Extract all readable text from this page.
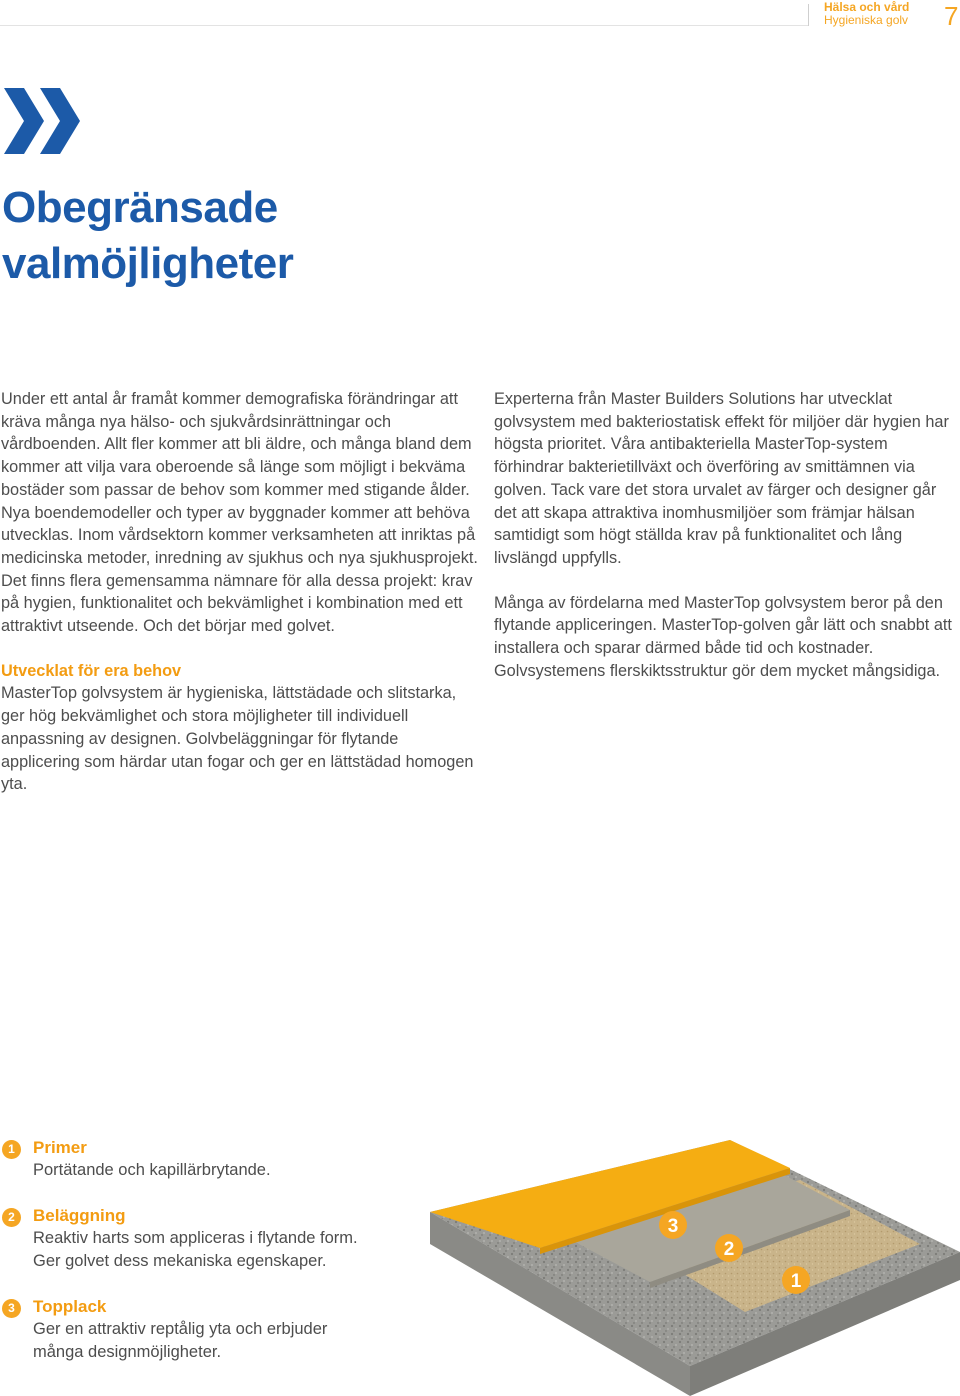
Hälsa och vård
Hygieniska golv 7
Obegränsade
valmöjligheter

Under ett antal år framåt kommer demografiska förändringar att kräva många nya hälso- och sjukvårdsinrättningar och vårdboenden. Allt fler kommer att bli äldre, och många bland dem kommer att vilja vara oberoende så länge som möjligt i bekväma bostäder som passar de behov som kommer med stigande ålder. Nya boendemodeller och typer av byggnader kommer att behöva utvecklas. Inom vårdsektorn kommer verksamheten att inriktas på medicinska metoder, inredning av sjukhus och nya sjukhusprojekt. Det finns flera gemensamma nämnare för alla dessa projekt: krav på hygien, funktionalitet och bekvämlighet i kombination med ett attraktivt utseende. Och det börjar med golvet.

Utvecklat för era behov

MasterTop golvsystem är hygieniska, lättstädade och slitstarka, ger hög bekvämlighet och stora möjligheter till individuell anpassning av designen. Golvbeläggningar för flytande applicering som härdar utan fogar och ger en lättstädad homogen yta.

Experterna från Master Builders Solutions har utvecklat golvsystem med bakteriostatisk effekt för miljöer där hygien har högsta prioritet. Våra antibakteriella MasterTop-system förhindrar bakterietillväxt och överföring av smittämnen via golven. Tack vare det stora urvalet av färger och designer går det att skapa attraktiva inomhusmiljöer som främjar hälsan samtidigt som högt ställda krav på funktionalitet och lång livslängd uppfylls.

Många av fördelarna med MasterTop golvsystem beror på den flytande appliceringen. MasterTop-golven går lätt och snabbt att installera och sparar därmed både tid och kostnader. Golvsystemens flerskiktsstruktur gör dem mycket mångsidiga.

1	Primer
Portätande och kapillärbrytande.
2	Beläggning
Reaktiv harts som appliceras i flytande form.
Ger golvet dess mekaniska egenskaper.
3	Topplack
Ger en attraktiv reptålig yta och erbjuder
många designmöjligheter.
3
2
1
